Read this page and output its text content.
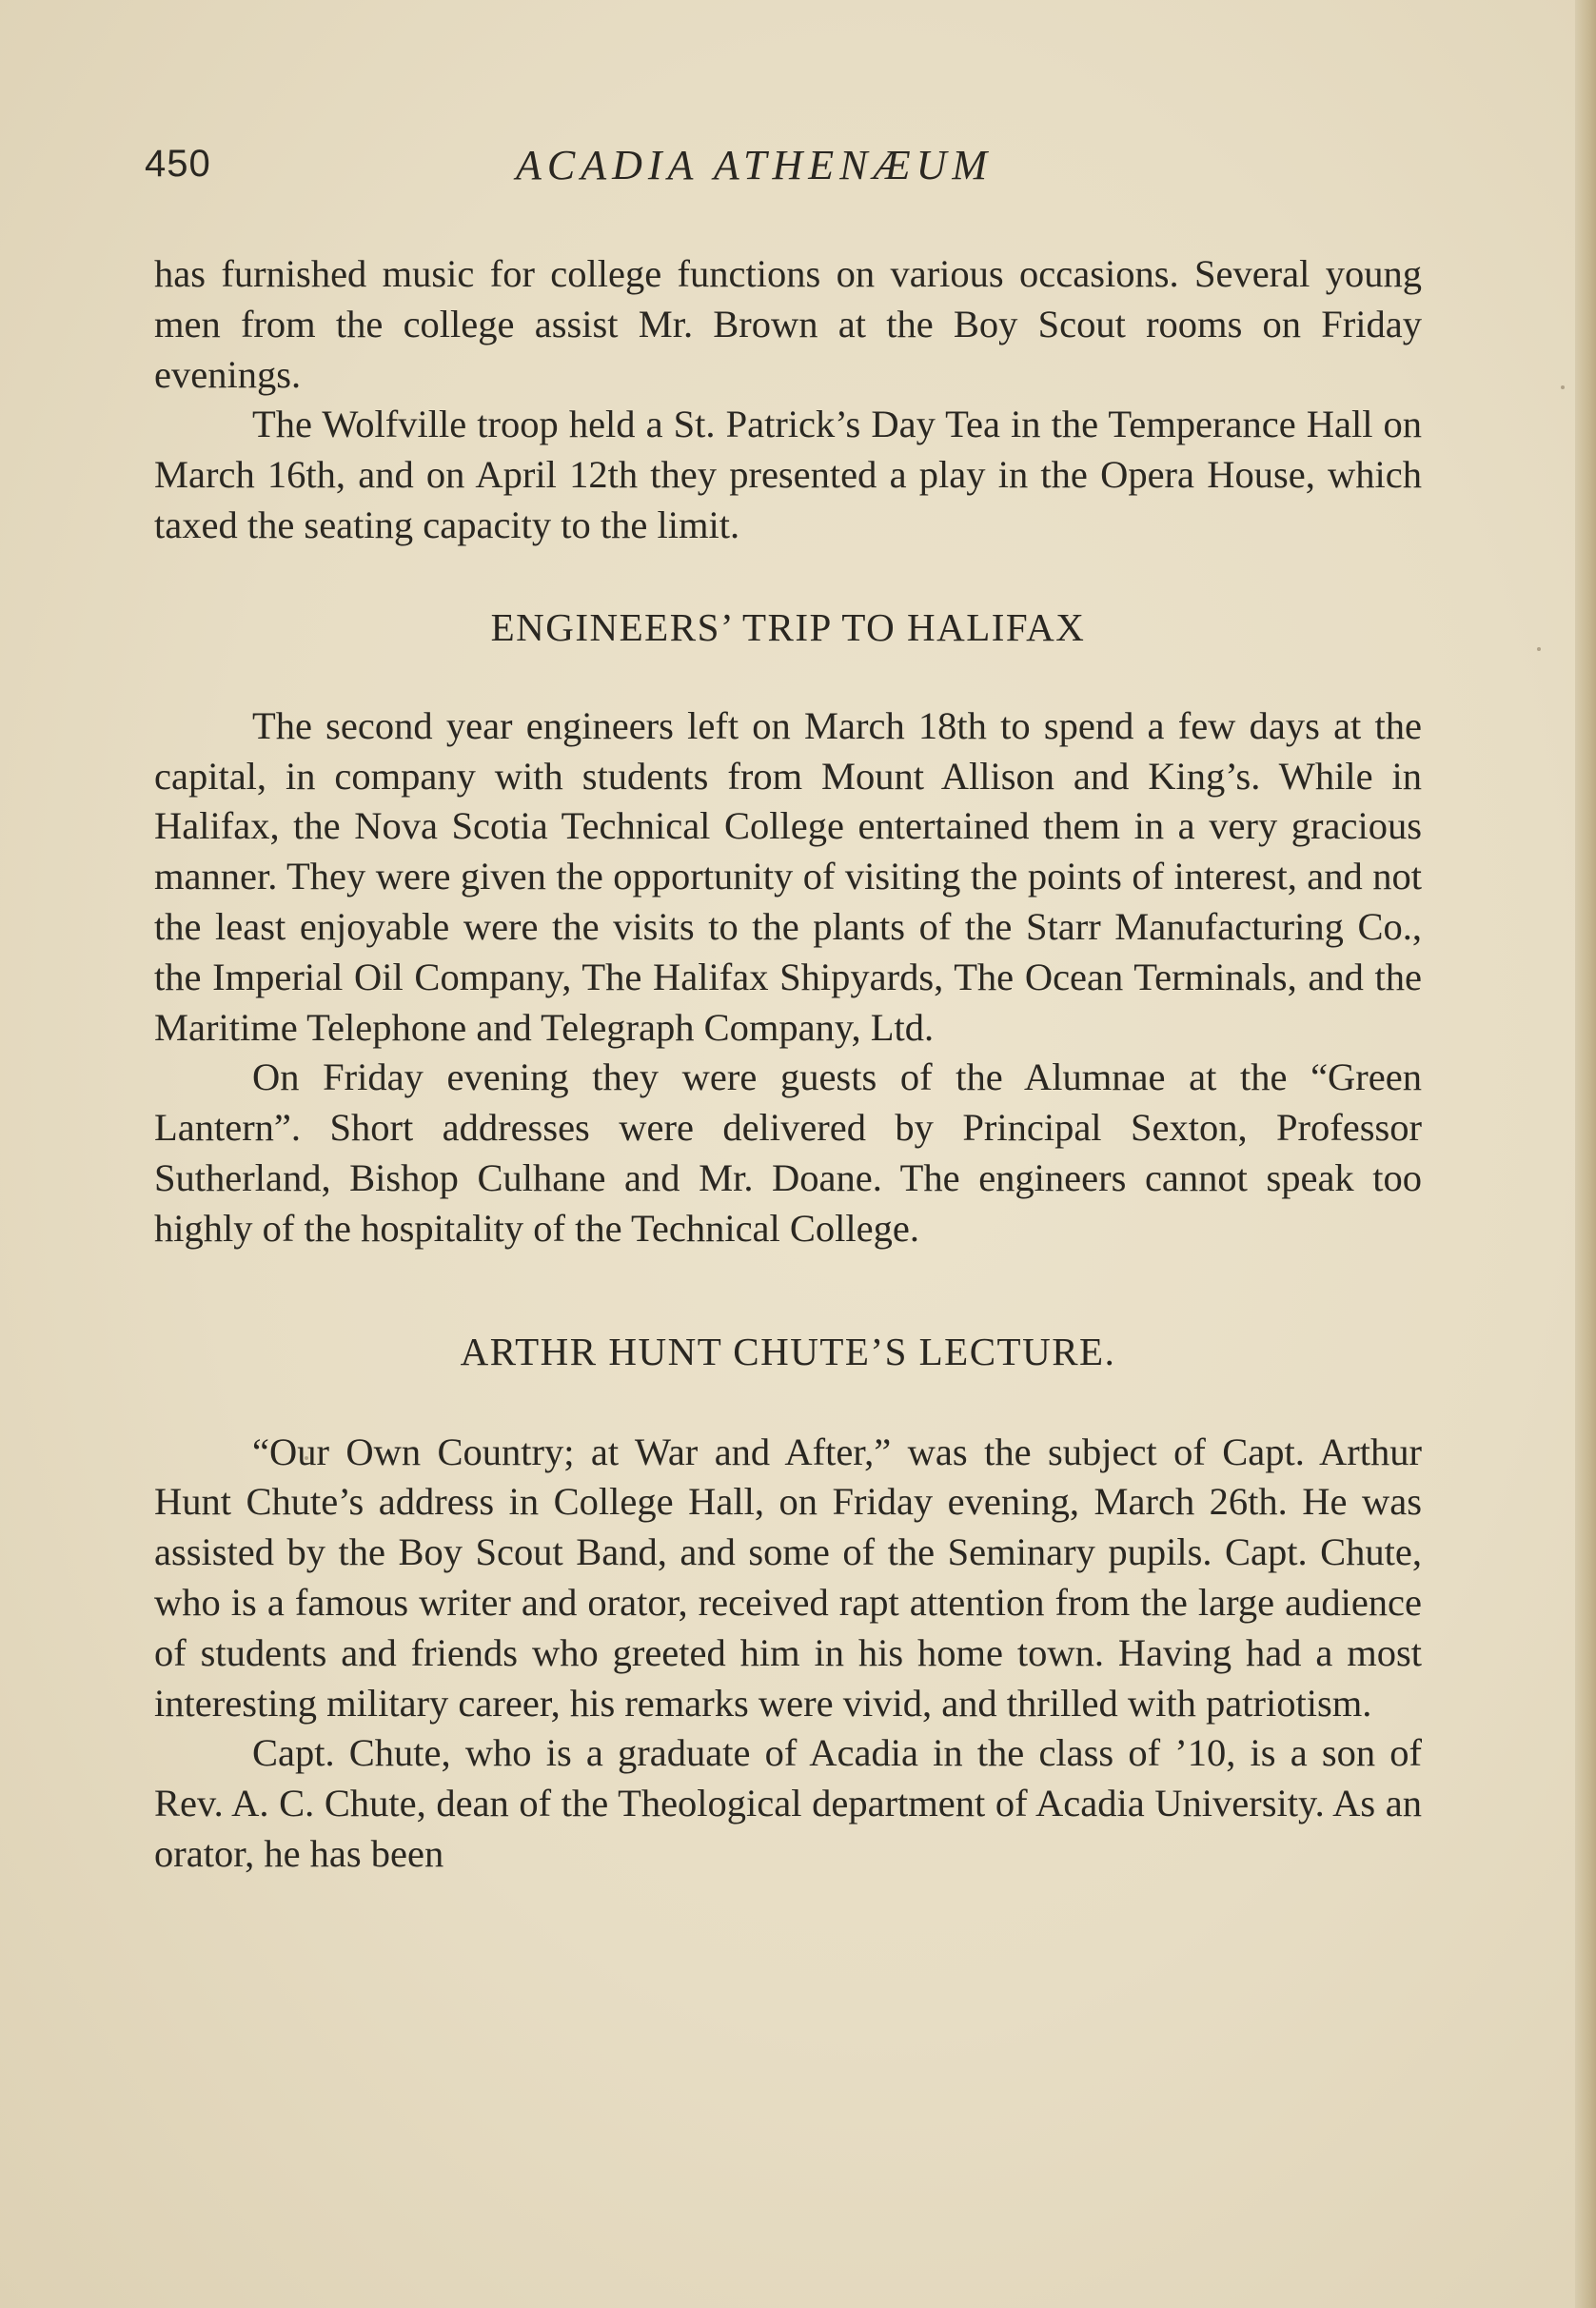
450	ACADIA ATHENÆUM

has furnished music for college functions on various occasions. Several young men from the college assist Mr. Brown at the Boy Scout rooms on Friday evenings.

The Wolfville troop held a St. Patrick’s Day Tea in the Temperance Hall on March 16th, and on April 12th they presented a play in the Opera House, which taxed the seating capacity to the limit.

ENGINEERS’ TRIP TO HALIFAX

The second year engineers left on March 18th to spend a few days at the capital, in company with students from Mount Allison and King’s. While in Halifax, the Nova Scotia Technical College entertained them in a very gracious manner. They were given the opportunity of visiting the points of interest, and not the least enjoyable were the visits to the plants of the Starr Manufacturing Co., the Imperial Oil Company, The Halifax Shipyards, The Ocean Terminals, and the Maritime Telephone and Telegraph Company, Ltd.

On Friday evening they were guests of the Alumnae at the “Green Lantern”. Short addresses were delivered by Principal Sexton, Professor Sutherland, Bishop Culhane and Mr. Doane. The engineers cannot speak too highly of the hospitality of the Technical College.

ARTHR HUNT CHUTE’S LECTURE.

“Our Own Country; at War and After,” was the subject of Capt. Arthur Hunt Chute’s address in College Hall, on Friday evening, March 26th. He was assisted by the Boy Scout Band, and some of the Seminary pupils. Capt. Chute, who is a famous writer and orator, received rapt attention from the large audience of students and friends who greeted him in his home town. Having had a most interesting military career, his remarks were vivid, and thrilled with patriotism.

Capt. Chute, who is a graduate of Acadia in the class of ’10, is a son of Rev. A. C. Chute, dean of the Theological department of Acadia University. As an orator, he has been
